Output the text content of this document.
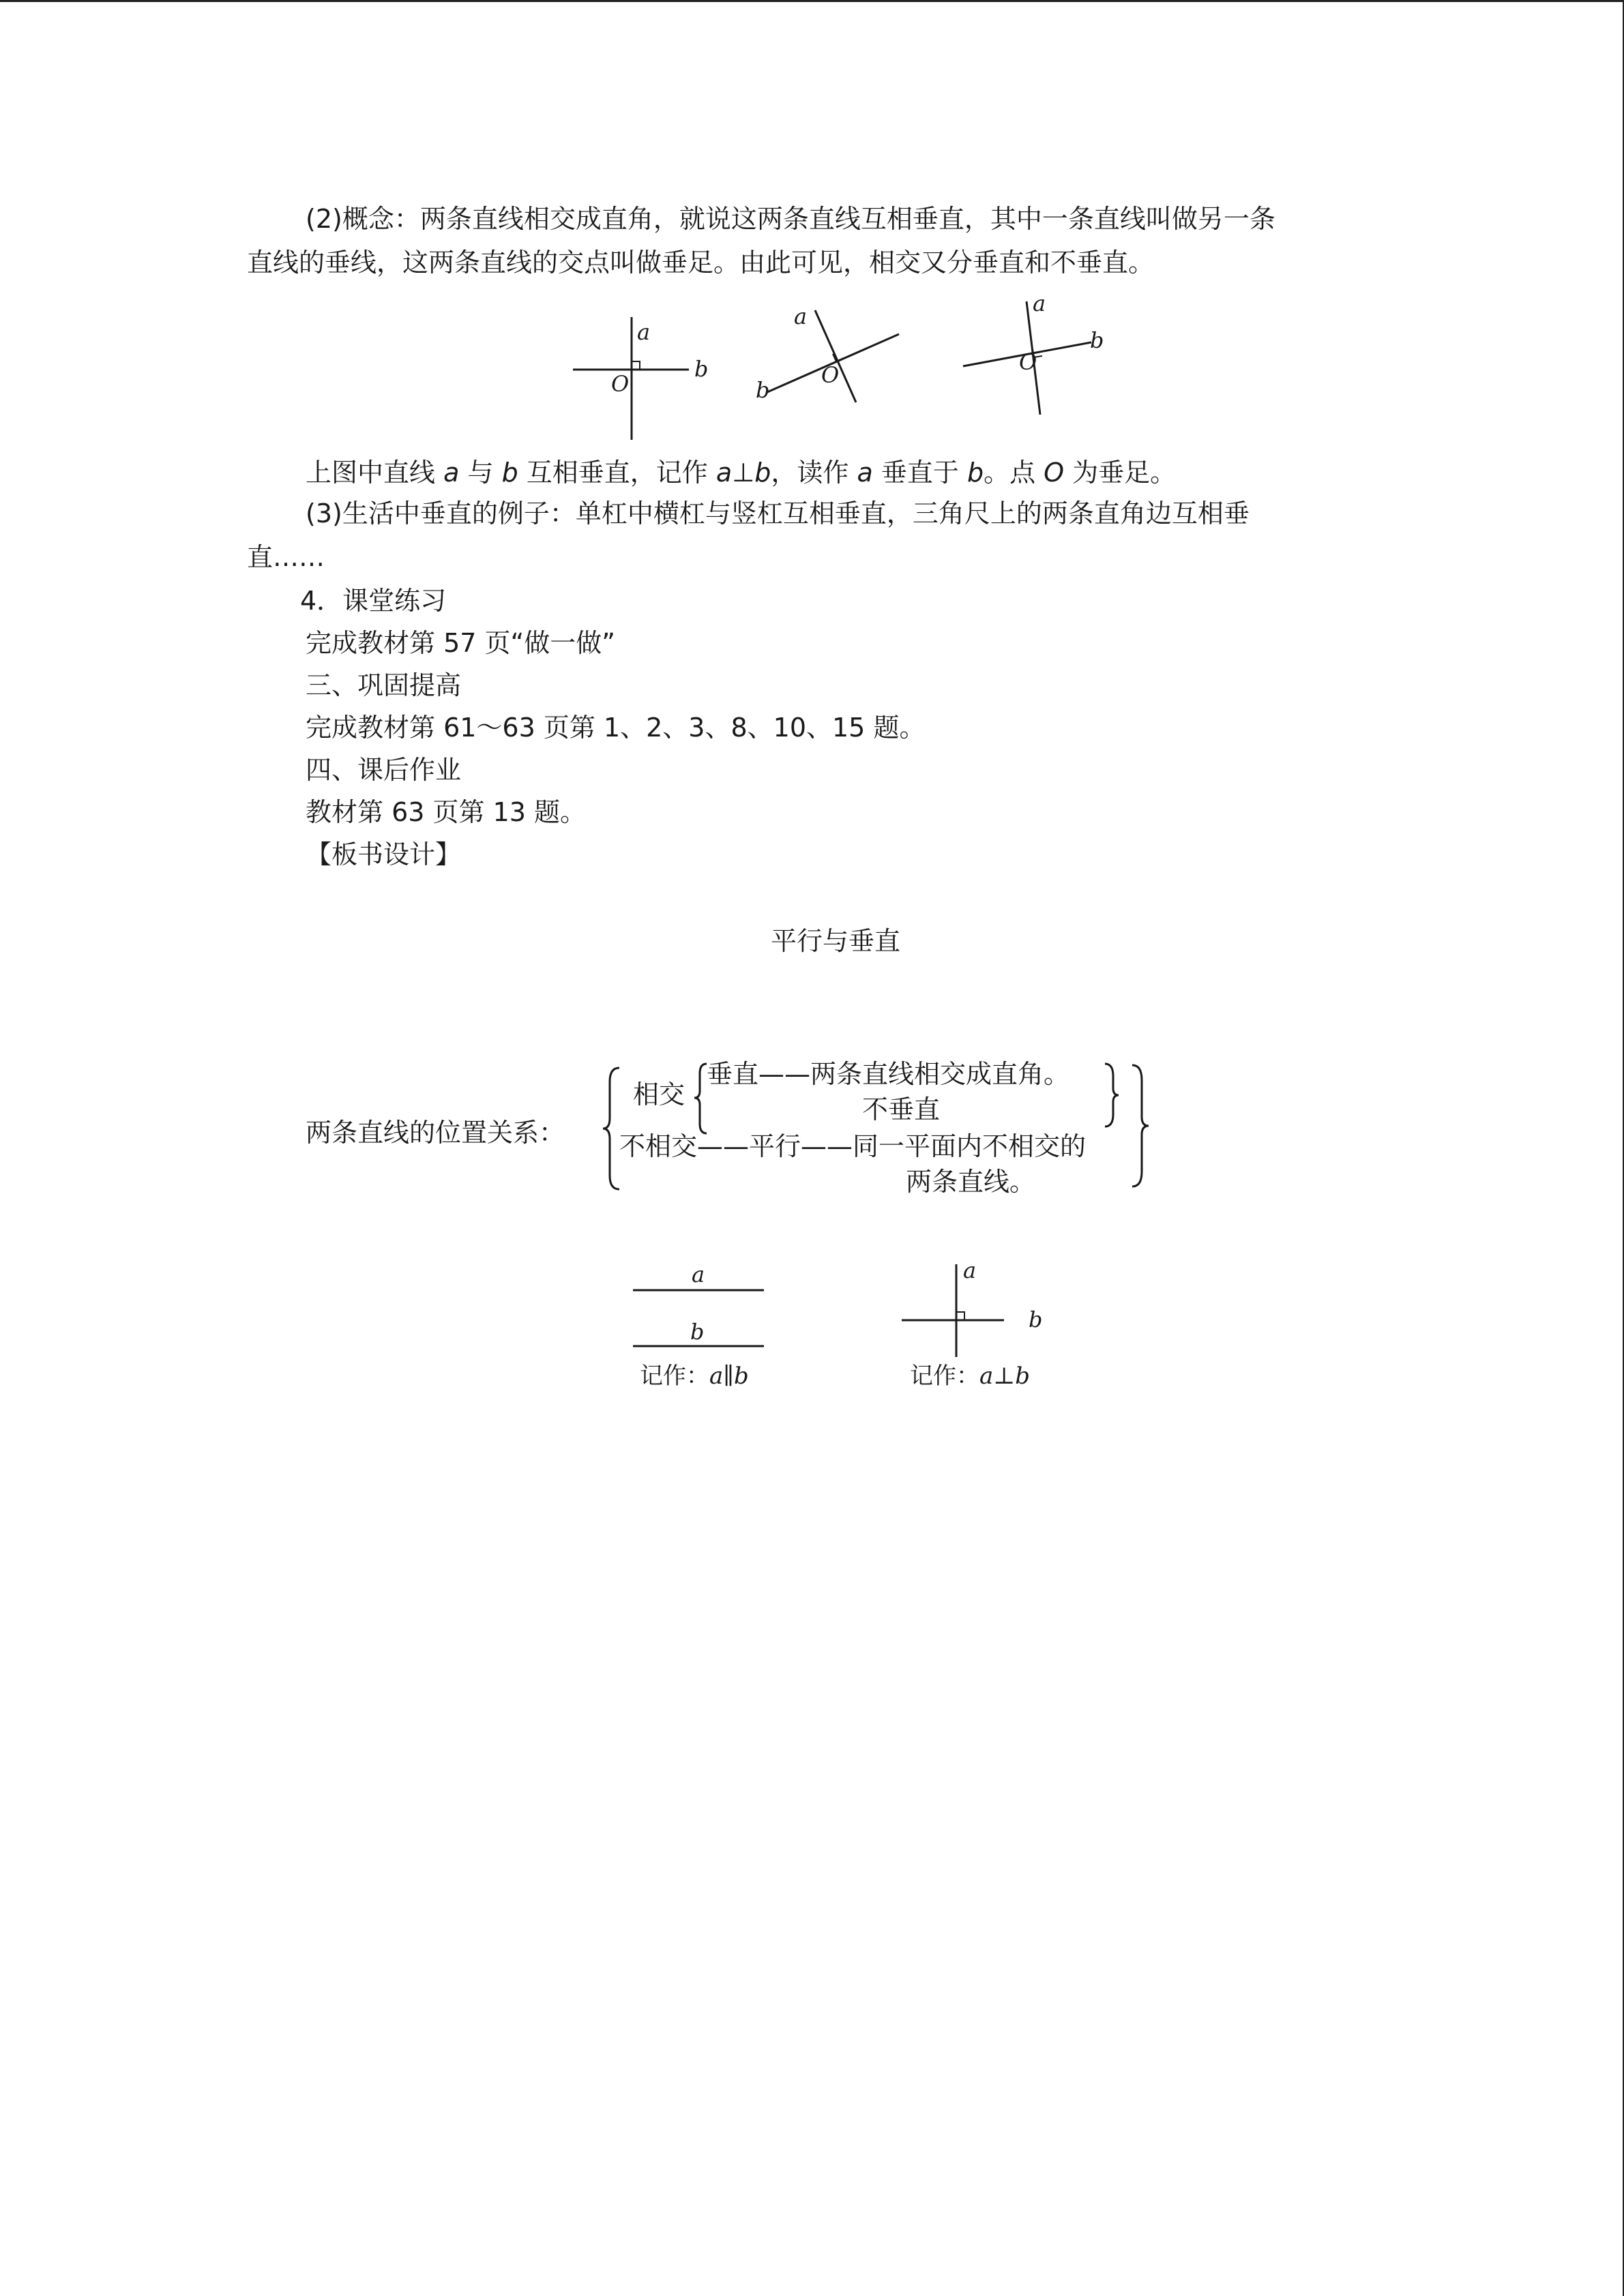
(2)概念：两条直线相交成直角，就说这两条直线互相垂直，其中一条直线叫做另一条
直线的垂线，这两条直线的交点叫做垂足。由此可见，相交又分垂直和不垂直。
a
b
O
a
b
O
a
b
O
上图中直线 a 与 b 互相垂直，记作 a⊥b，读作 a 垂直于 b。点 O 为垂足。
(3)生活中垂直的例子：单杠中横杠与竖杠互相垂直，三角尺上的两条直角边互相垂
直……
4．课堂练习
完成教材第 57 页“做一做”
三、巩固提高
完成教材第 61～63 页第 1、2、3、8、10、15 题。
四、课后作业
教材第 63 页第 13 题。
【板书设计】
平行与垂直
两条直线的位置关系：
相交
垂直——两条直线相交成直角。
不垂直
不相交——平行——同一平面内不相交的
两条直线。
a
b
记作：a∥b
a
b
记作：a⊥b
